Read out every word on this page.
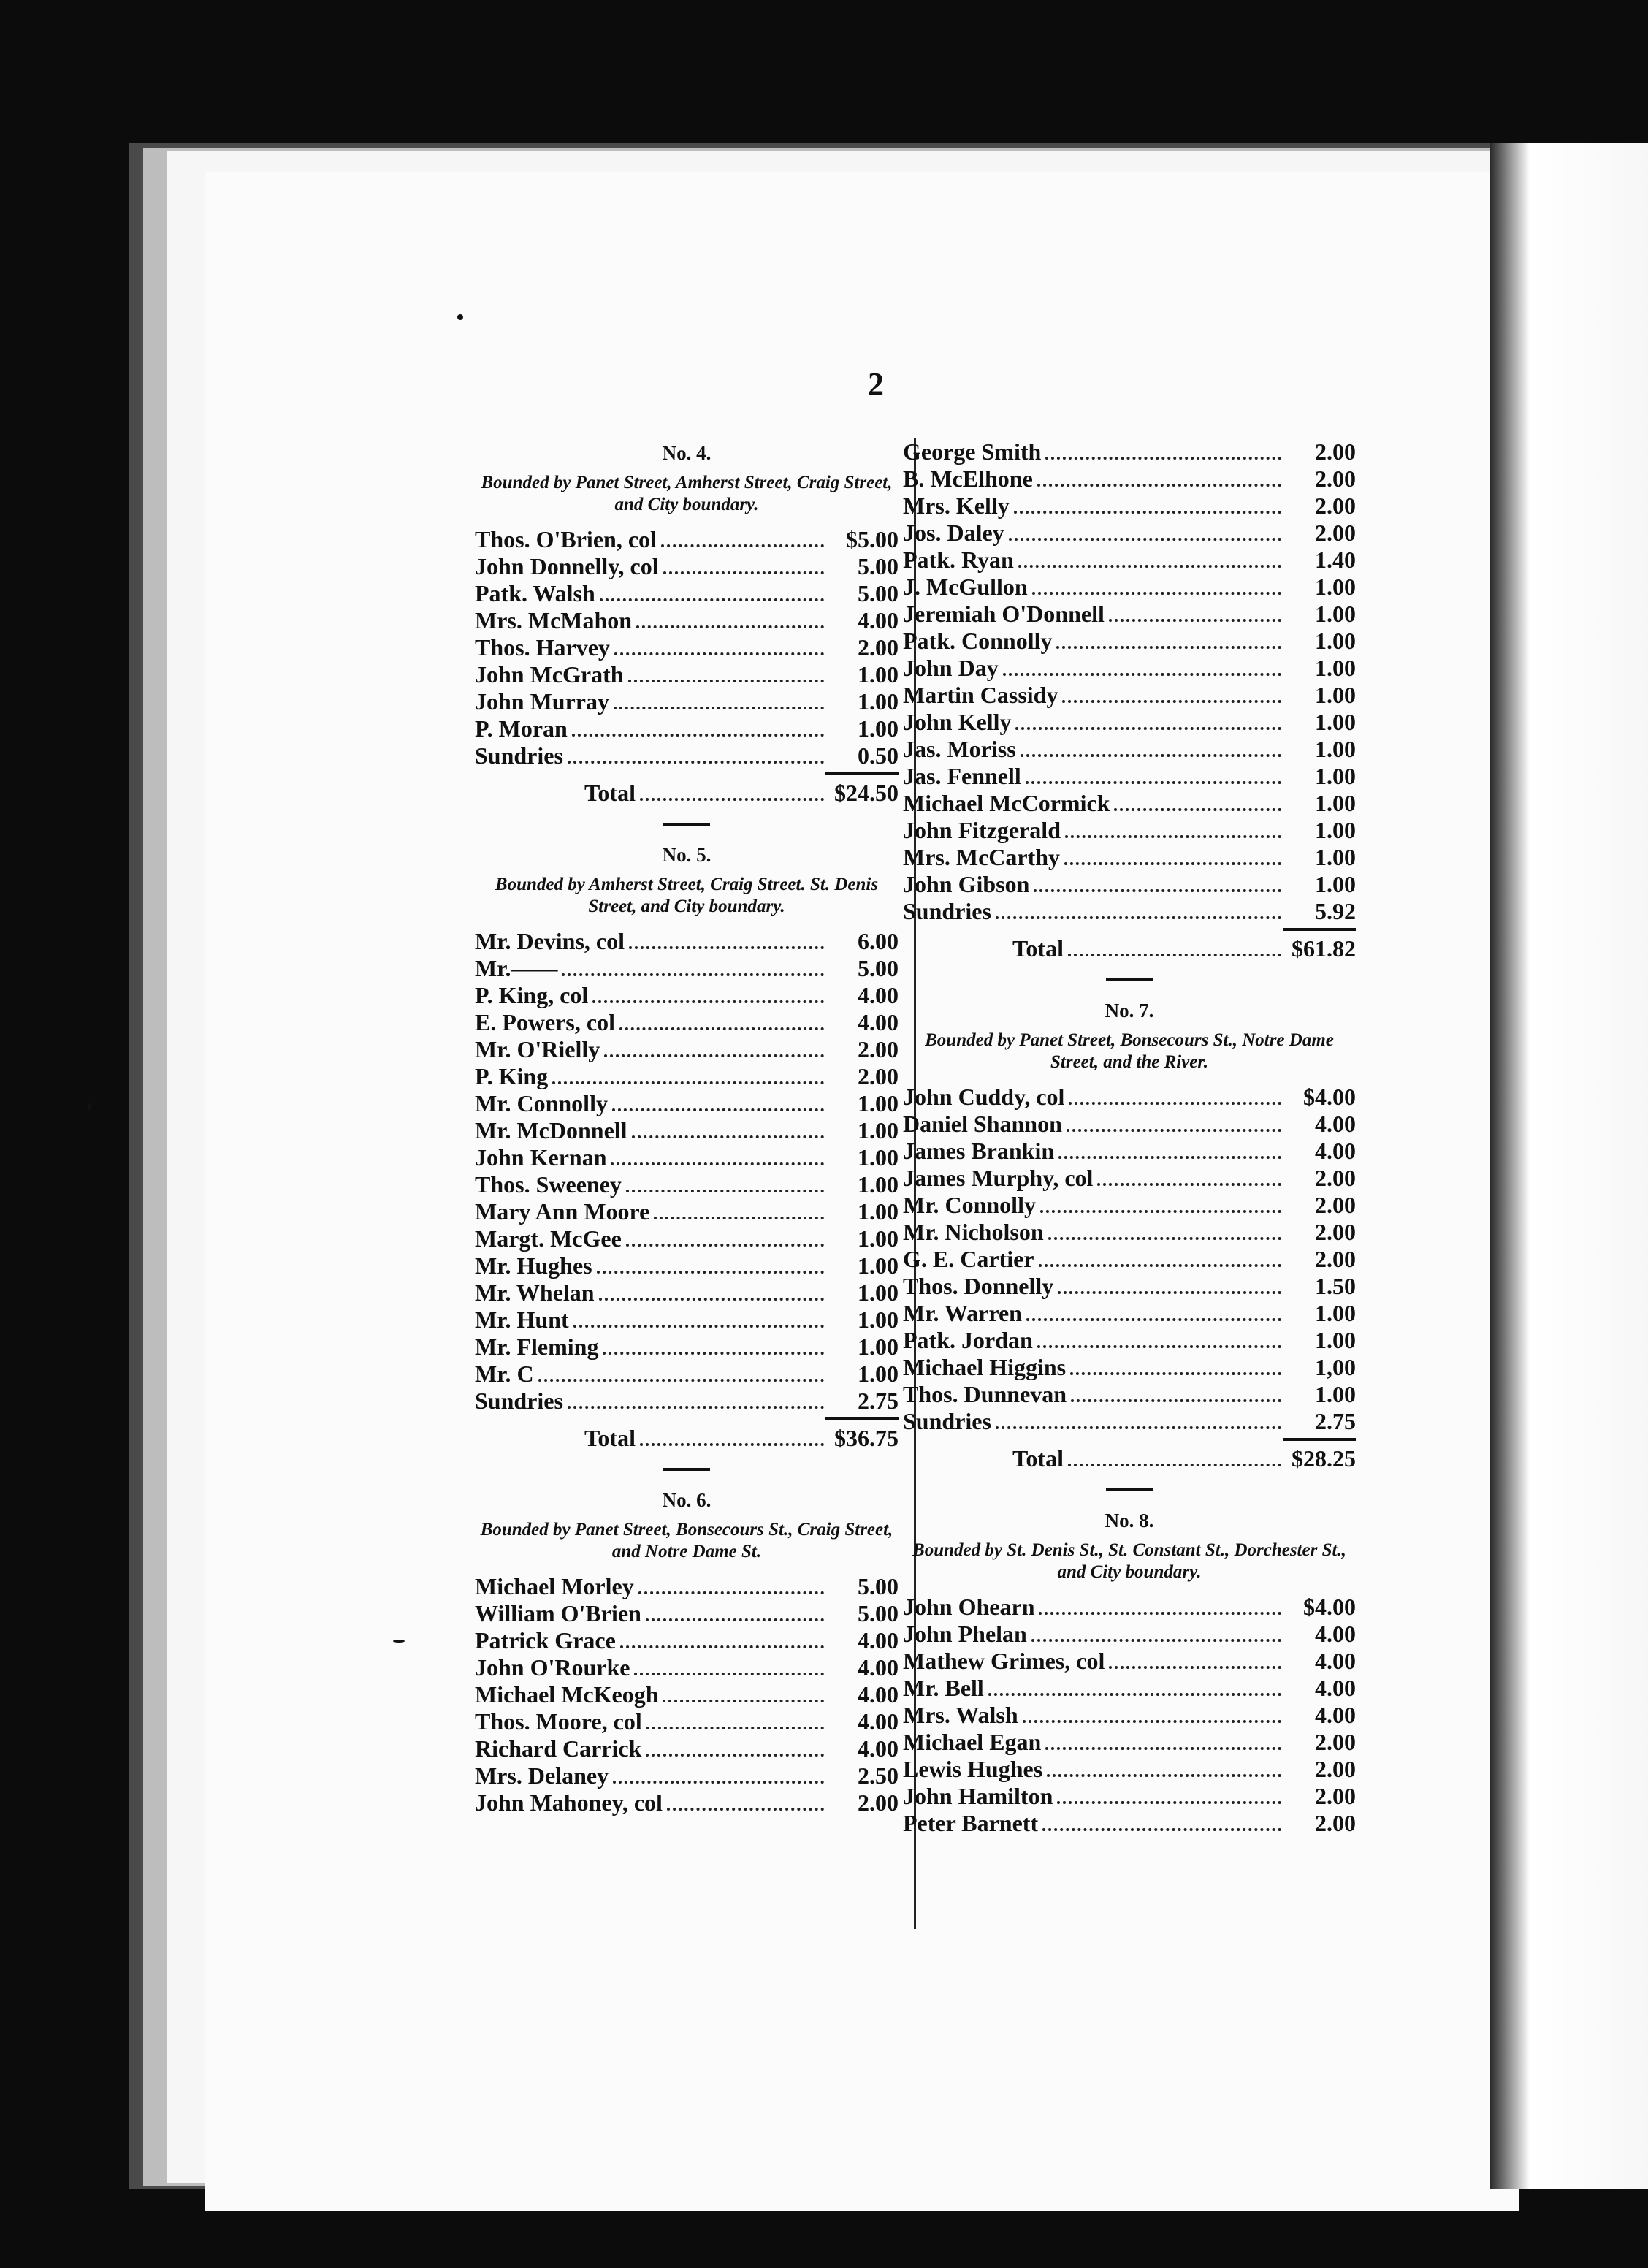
2

No. 4.

Bounded by Panet Street, Amherst Street, Craig Street, and City boundary.

Thos. O'Brien, col	$5.00
John Donnelly, col	5.00
Patk. Walsh	5.00
Mrs. McMahon	4.00
Thos. Harvey	2.00
John McGrath	1.00
John Murray	1.00
P. Moran	1.00
Sundries	0.50
Total	$24.50

No. 5.

Bounded by Amherst Street, Craig Street. St. Denis Street, and City boundary.

Mr. Devins, col	6.00
Mr.——	5.00
P. King, col	4.00
E. Powers, col	4.00
Mr. O'Rielly	2.00
P. King	2.00
Mr. Connolly	1.00
Mr. McDonnell	1.00
John Kernan	1.00
Thos. Sweeney	1.00
Mary Ann Moore	1.00
Margt. McGee	1.00
Mr. Hughes	1.00
Mr. Whelan	1.00
Mr. Hunt	1.00
Mr. Fleming	1.00
Mr. C	1.00
Sundries	2.75
Total	$36.75

No. 6.

Bounded by Panet Street, Bonsecours St., Craig Street, and Notre Dame St.

Michael Morley	5.00
William O'Brien	5.00
Patrick Grace	4.00
John O'Rourke	4.00
Michael McKeogh	4.00
Thos. Moore, col	4.00
Richard Carrick	4.00
Mrs. Delaney	2.50
John Mahoney, col	2.00
George Smith	2.00
B. McElhone	2.00
Mrs. Kelly	2.00
Jos. Daley	2.00
Patk. Ryan	1.40
J. McGullon	1.00
Jeremiah O'Donnell	1.00
Patk. Connolly	1.00
John Day	1.00
Martin Cassidy	1.00
John Kelly	1.00
Jas. Moriss	1.00
Jas. Fennell	1.00
Michael McCormick	1.00
John Fitzgerald	1.00
Mrs. McCarthy	1.00
John Gibson	1.00
Sundries	5.92
Total	$61.82

No. 7.

Bounded by Panet Street, Bonsecours St., Notre Dame Street, and the River.

John Cuddy, col	$4.00
Daniel Shannon	4.00
James Brankin	4.00
James Murphy, col	2.00
Mr. Connolly	2.00
Mr. Nicholson	2.00
G. E. Cartier	2.00
Thos. Donnelly	1.50
Mr. Warren	1.00
Patk. Jordan	1.00
Michael Higgins	1,00
Thos. Dunnevan	1.00
Sundries	2.75
Total	$28.25

No. 8.

Bounded by St. Denis St., St. Constant St., Dorchester St., and City boundary.

John Ohearn	$4.00
John Phelan	4.00
Mathew Grimes, col	4.00
Mr. Bell	4.00
Mrs. Walsh	4.00
Michael Egan	2.00
Lewis Hughes	2.00
John Hamilton	2.00
Peter Barnett	2.00
